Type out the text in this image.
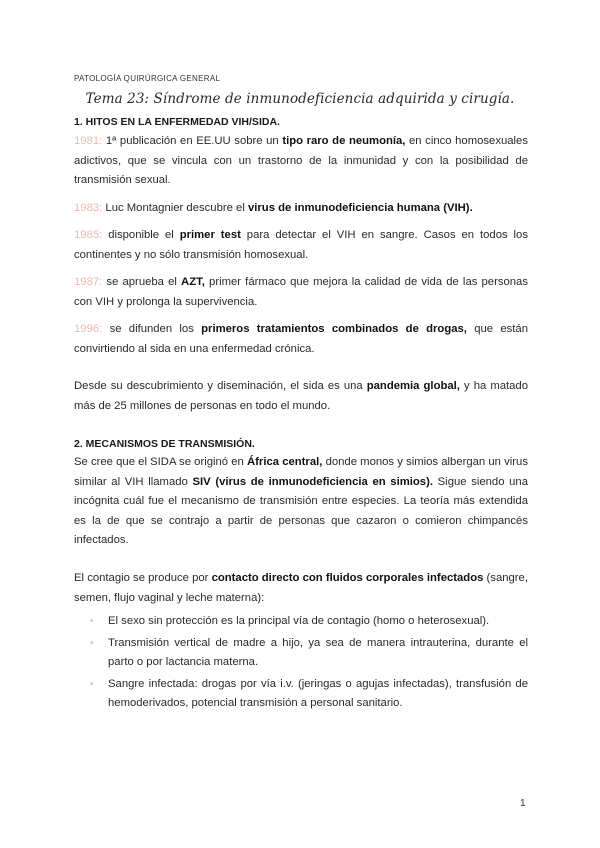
PATOLOGÍA QUIRÚRGICA GENERAL
Tema 23: Síndrome de inmunodeficiencia adquirida y cirugía.
1. HITOS EN LA ENFERMEDAD VIH/SIDA.
1981: 1ª publicación en EE.UU sobre un tipo raro de neumonía, en cinco homosexuales adictivos, que se vincula con un trastorno de la inmunidad y con la posibilidad de transmisión sexual.
1983: Luc Montagnier descubre el virus de inmunodeficiencia humana (VIH).
1985: disponible el primer test para detectar el VIH en sangre. Casos en todos los continentes y no sólo transmisión homosexual.
1987: se aprueba el AZT, primer fármaco que mejora la calidad de vida de las personas con VIH y prolonga la supervivencia.
1996: se difunden los primeros tratamientos combinados de drogas, que están convirtiendo al sida en una enfermedad crónica.
Desde su descubrimiento y diseminación, el sida es una pandemia global, y ha matado más de 25 millones de personas en todo el mundo.
2. MECANISMOS DE TRANSMISIÓN.
Se cree que el SIDA se originó en África central, donde monos y simios albergan un virus similar al VIH llamado SIV (virus de inmunodeficiencia en simios). Sigue siendo una incógnita cuál fue el mecanismo de transmisión entre especies. La teoría más extendida es la de que se contrajo a partir de personas que cazaron o comieron chimpancés infectados.
El contagio se produce por contacto directo con fluidos corporales infectados (sangre, semen, flujo vaginal y leche materna):
• El sexo sin protección es la principal vía de contagio (homo o heterosexual).
• Transmisión vertical de madre a hijo, ya sea de manera intrauterina, durante el parto o por lactancia materna.
• Sangre infectada: drogas por vía i.v. (jeringas o agujas infectadas), transfusión de hemoderivados, potencial transmisión a personal sanitario.
1
